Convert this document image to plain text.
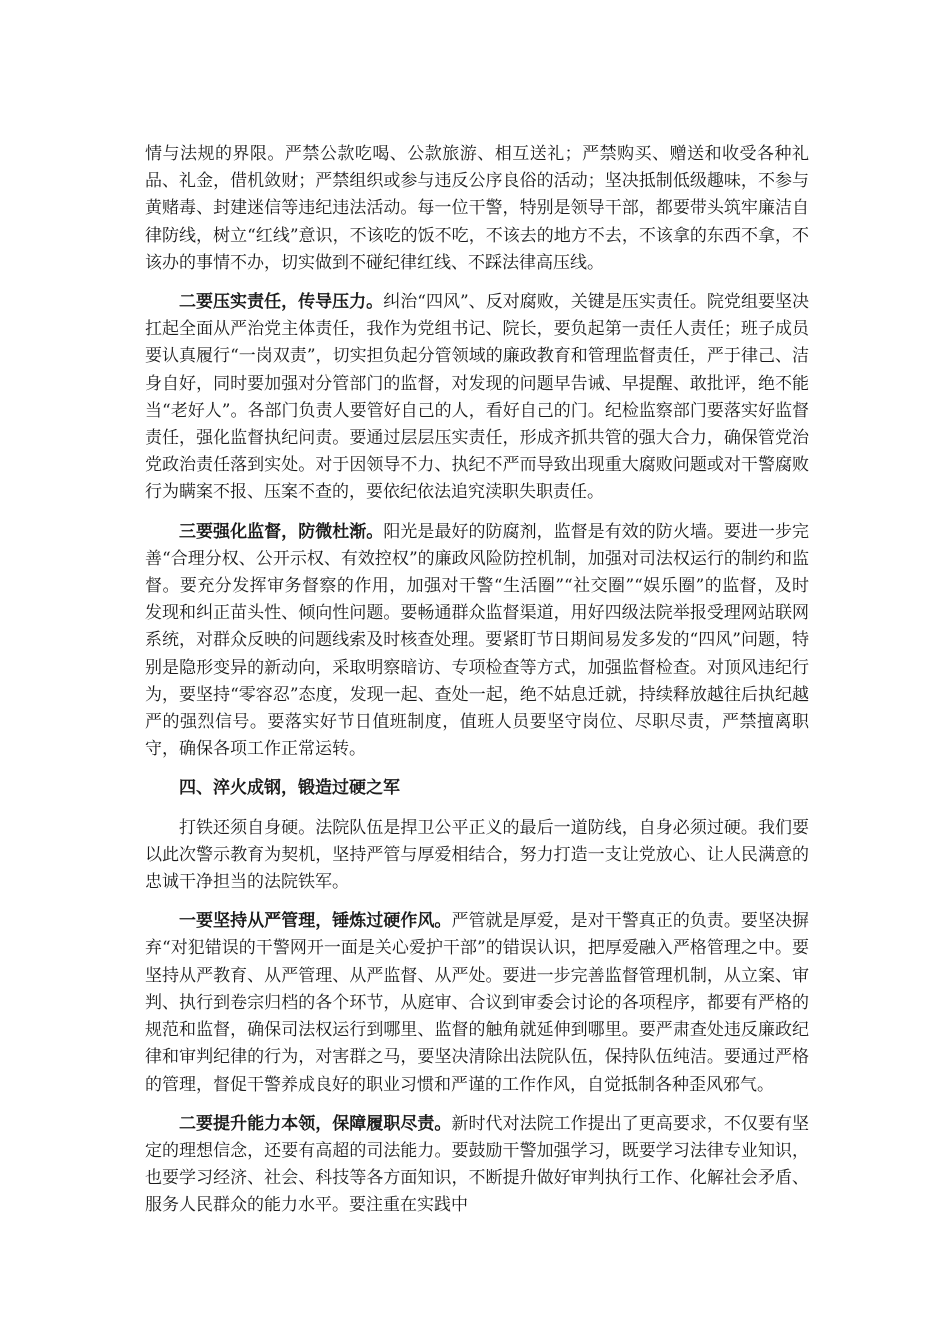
情与法规的界限。严禁公款吃喝、公款旅游、相互送礼；严禁购买、赠送和收受各种礼品、礼金，借机敛财；严禁组织或参与违反公序良俗的活动；坚决抵制低级趣味，不参与黄赌毒、封建迷信等违纪违法活动。每一位干警，特别是领导干部，都要带头筑牢廉洁自律防线，树立“红线”意识，不该吃的饭不吃，不该去的地方不去，不该拿的东西不拿，不该办的事情不办，切实做到不碰纪律红线、不踩法律高压线。

二要压实责任，传导压力。纠治“四风”、反对腐败，关键是压实责任。院党组要坚决扛起全面从严治党主体责任，我作为党组书记、院长，要负起第一责任人责任；班子成员要认真履行“一岗双责”，切实担负起分管领域的廉政教育和管理监督责任，严于律己、洁身自好，同时要加强对分管部门的监督，对发现的问题早告诫、早提醒、敢批评，绝不能当“老好人”。各部门负责人要管好自己的人，看好自己的门。纪检监察部门要落实好监督责任，强化监督执纪问责。要通过层层压实责任，形成齐抓共管的强大合力，确保管党治党政治责任落到实处。对于因领导不力、执纪不严而导致出现重大腐败问题或对干警腐败行为瞒案不报、压案不查的，要依纪依法追究渎职失职责任。

三要强化监督，防微杜渐。阳光是最好的防腐剂，监督是有效的防火墙。要进一步完善“合理分权、公开示权、有效控权”的廉政风险防控机制，加强对司法权运行的制约和监督。要充分发挥审务督察的作用，加强对干警“生活圈”“社交圈”“娱乐圈”的监督，及时发现和纠正苗头性、倾向性问题。要畅通群众监督渠道，用好四级法院举报受理网站联网系统，对群众反映的问题线索及时核查处理。要紧盯节日期间易发多发的“四风”问题，特别是隐形变异的新动向，采取明察暗访、专项检查等方式，加强监督检查。对顶风违纪行为，要坚持“零容忍”态度，发现一起、查处一起，绝不姑息迁就，持续释放越往后执纪越严的强烈信号。要落实好节日值班制度，值班人员要坚守岗位、尽职尽责，严禁擅离职守，确保各项工作正常运转。

四、淬火成钢，锻造过硬之军

打铁还须自身硬。法院队伍是捍卫公平正义的最后一道防线，自身必须过硬。我们要以此次警示教育为契机，坚持严管与厚爱相结合，努力打造一支让党放心、让人民满意的忠诚干净担当的法院铁军。

一要坚持从严管理，锤炼过硬作风。严管就是厚爱，是对干警真正的负责。要坚决摒弃“对犯错误的干警网开一面是关心爱护干部”的错误认识，把厚爱融入严格管理之中。要坚持从严教育、从严管理、从严监督、从严处。要进一步完善监督管理机制，从立案、审判、执行到卷宗归档的各个环节，从庭审、合议到审委会讨论的各项程序，都要有严格的规范和监督，确保司法权运行到哪里、监督的触角就延伸到哪里。要严肃查处违反廉政纪律和审判纪律的行为，对害群之马，要坚决清除出法院队伍，保持队伍纯洁。要通过严格的管理，督促干警养成良好的职业习惯和严谨的工作作风，自觉抵制各种歪风邪气。

二要提升能力本领，保障履职尽责。新时代对法院工作提出了更高要求，不仅要有坚定的理想信念，还要有高超的司法能力。要鼓励干警加强学习，既要学习法律专业知识，也要学习经济、社会、科技等各方面知识，不断提升做好审判执行工作、化解社会矛盾、服务人民群众的能力水平。要注重在实践中
